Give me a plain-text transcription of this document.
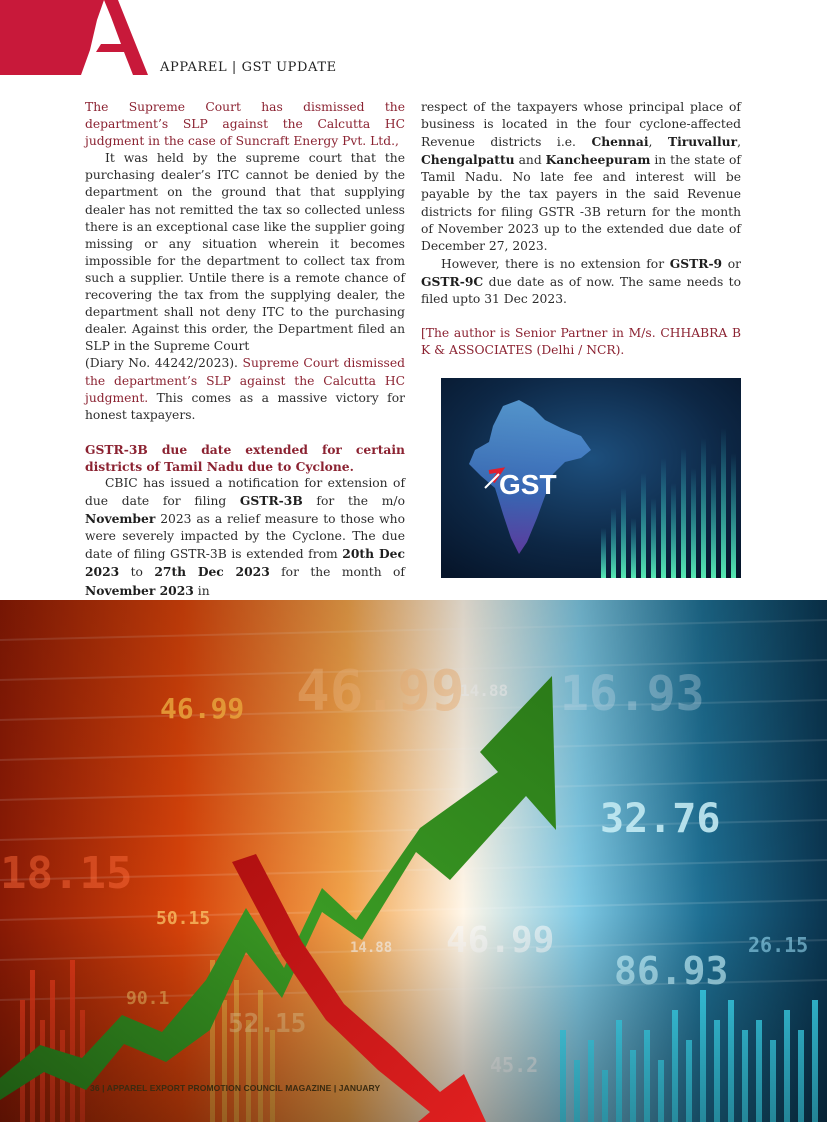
APPAREL | GST UPDATE

The Supreme Court has dismissed the department’s SLP against the Calcutta HC judgment in the case of Suncraft Energy Pvt. Ltd.,

It was held by the supreme court that the purchasing dealer’s ITC cannot be denied by the department on the ground that that supplying dealer has not remitted the tax so collected unless there is an exceptional case like the supplier going missing or any situation wherein it becomes impossible for the department to collect tax from such a supplier. Untile there is a remote chance of recovering the tax from the supplying dealer, the department shall not deny ITC to the purchasing dealer. Against this order, the Department filed an SLP in the Supreme Court

(Diary No. 44242/2023). Supreme Court dismissed the department’s SLP against the Calcutta HC judgment. This comes as a massive victory for honest taxpayers.

GSTR-3B due date extended for certain districts of Tamil Nadu due to Cyclone.

CBIC has issued a notification for extension of due date for filing GSTR-3B for the m/o November 2023 as a relief measure to those who were severely impacted by the Cyclone. The due date of filing GSTR-3B is extended from 20th Dec 2023 to 27th Dec 2023 for the month of November 2023 in

respect of the taxpayers whose principal place of business is located in the four cyclone-affected Revenue districts i.e. Chennai, Tiruvallur, Chengalpattu and Kancheepuram in the state of Tamil Nadu. No late fee and interest will be payable by the tax payers in the said Revenue districts for filing GSTR -3B return for the month of November 2023 up to the extended due date of December 27, 2023.

However, there is no extension for GSTR-9 or GSTR-9C due date as of now. The same needs to filed upto 31 Dec 2023.

[The author is Senior Partner in M/s. CHHABRA B K & ASSOCIATES (Delhi / NCR).

GST
36 | APPAREL EXPORT PROMOTION COUNCIL MAGAZINE | JANUARY
